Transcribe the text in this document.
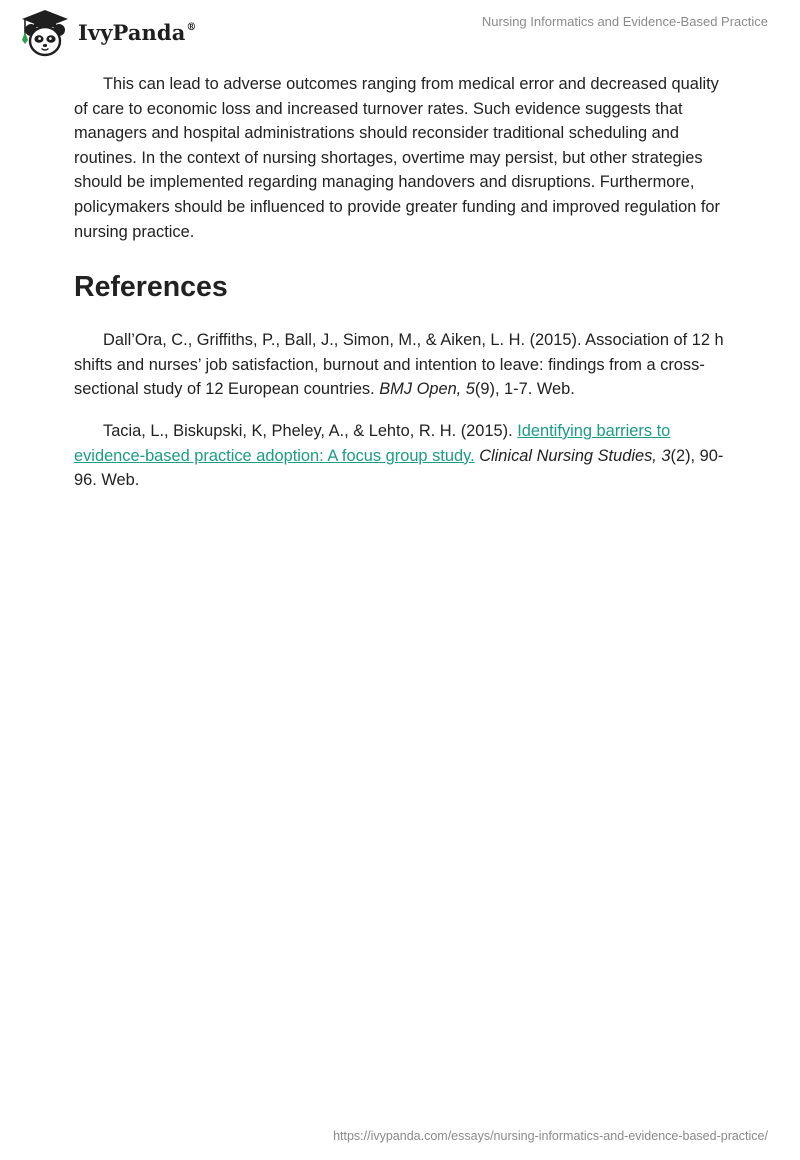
IvyPanda®	Nursing Informatics and Evidence-Based Practice

This can lead to adverse outcomes ranging from medical error and decreased quality of care to economic loss and increased turnover rates. Such evidence suggests that managers and hospital administrations should reconsider traditional scheduling and routines. In the context of nursing shortages, overtime may persist, but other strategies should be implemented regarding managing handovers and disruptions. Furthermore, policymakers should be influenced to provide greater funding and improved regulation for nursing practice.

References

Dall’Ora, C., Griffiths, P., Ball, J., Simon, M., & Aiken, L. H. (2015). Association of 12 h shifts and nurses’ job satisfaction, burnout and intention to leave: findings from a cross-sectional study of 12 European countries. BMJ Open, 5(9), 1-7. Web.

Tacia, L., Biskupski, K, Pheley, A., & Lehto, R. H. (2015). Identifying barriers to evidence-based practice adoption: A focus group study. Clinical Nursing Studies, 3(2), 90-96. Web.

https://ivypanda.com/essays/nursing-informatics-and-evidence-based-practice/
